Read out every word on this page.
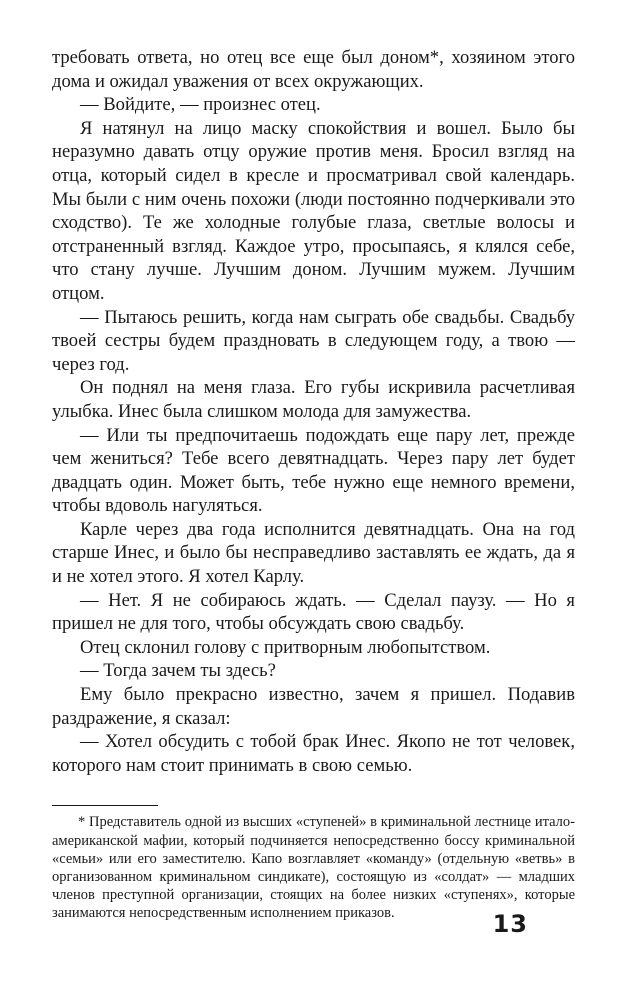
требовать ответа, но отец все еще был доном*, хозяином этого дома и ожидал уважения от всех окружающих.

— Войдите, — произнес отец.

Я натянул на лицо маску спокойствия и вошел. Было бы неразумно давать отцу оружие против меня. Бросил взгляд на отца, который сидел в кресле и просматривал свой календарь. Мы были с ним очень похожи (люди постоянно подчеркивали это сходство). Те же холодные голубые глаза, светлые волосы и отстраненный взгляд. Каждое утро, просыпаясь, я клялся себе, что стану лучше. Лучшим доном. Лучшим мужем. Лучшим отцом.

— Пытаюсь решить, когда нам сыграть обе свадьбы. Свадьбу твоей сестры будем праздновать в следующем году, а твою — через год.

Он поднял на меня глаза. Его губы искривила расчетливая улыбка. Инес была слишком молода для замужества.

— Или ты предпочитаешь подождать еще пару лет, прежде чем жениться? Тебе всего девятнадцать. Через пару лет будет двадцать один. Может быть, тебе нужно еще немного времени, чтобы вдоволь нагуляться.

Карле через два года исполнится девятнадцать. Она на год старше Инес, и было бы несправедливо заставлять ее ждать, да я и не хотел этого. Я хотел Карлу.

— Нет. Я не собираюсь ждать. — Сделал паузу. — Но я пришел не для того, чтобы обсуждать свою свадьбу.

Отец склонил голову с притворным любопытством.

— Тогда зачем ты здесь?

Ему было прекрасно известно, зачем я пришел. Подавив раздражение, я сказал:

— Хотел обсудить с тобой брак Инес. Якопо не тот человек, которого нам стоит принимать в свою семью.

* Представитель одной из высших «ступеней» в криминальной лестнице итало-американской мафии, который подчиняется непосредственно боссу криминальной «семьи» или его заместителю. Капо возглавляет «команду» (отдельную «ветвь» в организованном криминальном синдикате), состоящую из «солдат» — младших членов преступной организации, стоящих на более низких «ступенях», которые занимаются непосредственным исполнением приказов.	13
